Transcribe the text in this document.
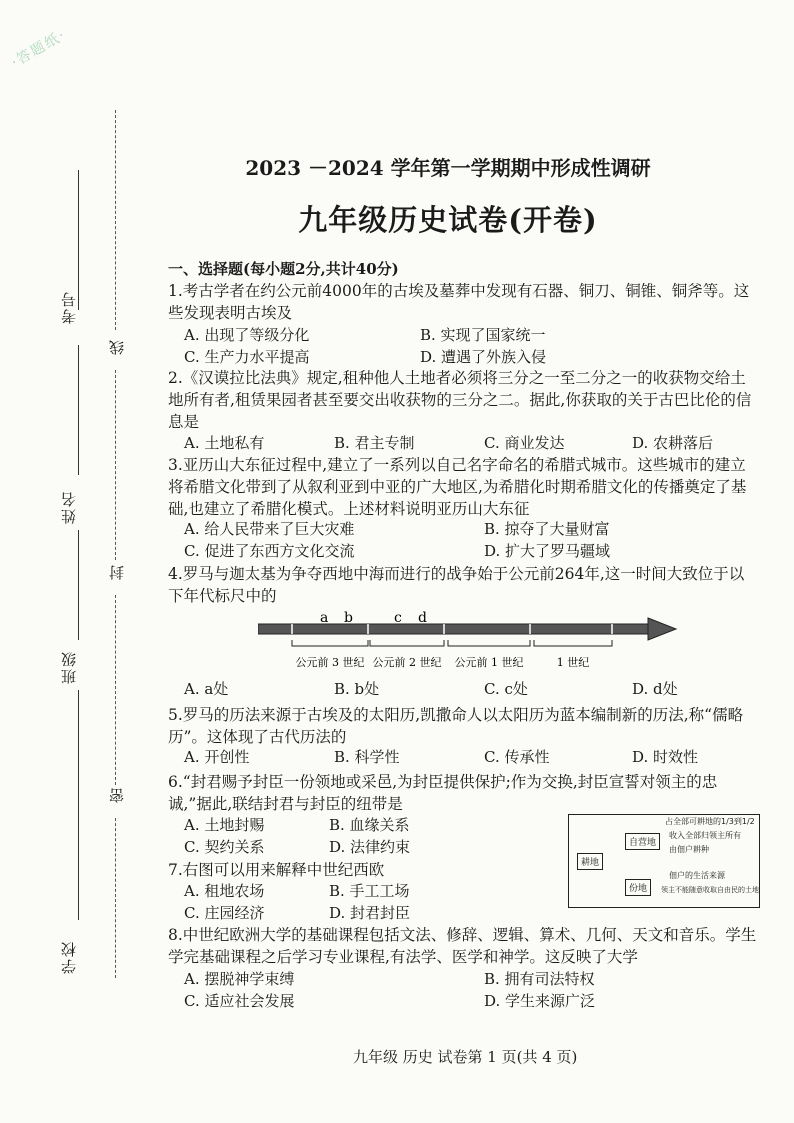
·答题纸·
考号
姓名
班级
学校
线
封
密
2023 －2024 学年第一学期期中形成性调研
九年级历史试卷(开卷)
一、选择题(每小题2分,共计40分)
1.考古学者在约公元前4000年的古埃及墓葬中发现有石器、铜刀、铜锥、铜斧等。这些发现表明古埃及
A. 出现了等级分化	B. 实现了国家统一
C. 生产力水平提高	D. 遭遇了外族入侵
2.《汉谟拉比法典》规定,租种他人土地者必须将三分之一至二分之一的收获物交给土地所有者,租赁果园者甚至要交出收获物的三分之二。据此,你获取的关于古巴比伦的信息是
A. 土地私有	B. 君主专制	C. 商业发达	D. 农耕落后
3.亚历山大东征过程中,建立了一系列以自己名字命名的希腊式城市。这些城市的建立将希腊文化带到了从叙利亚到中亚的广大地区,为希腊化时期希腊文化的传播奠定了基础,也建立了希腊化模式。上述材料说明亚历山大东征
A. 给人民带来了巨大灾难	B. 掠夺了大量财富
C. 促进了东西方文化交流	D. 扩大了罗马疆域
4.罗马与迦太基为争夺西地中海而进行的战争始于公元前264年,这一时间大致位于以下年代标尺中的
a b	c d
公元前 3 世纪 公元前 2 世纪 公元前 1 世纪	1 世纪
A. a处	B. b处	C. c处	D. d处
5.罗马的历法来源于古埃及的太阳历,凯撒命人以太阳历为蓝本编制新的历法,称“儒略历”。这体现了古代历法的
A. 开创性	B. 科学性	C. 传承性	D. 时效性
6.“封君赐予封臣一份领地或采邑,为封臣提供保护;作为交换,封臣宣誓对领主的忠诚,”据此,联结封君与封臣的纽带是
A. 土地封赐	B. 血缘关系
C. 契约关系	D. 法律约束
耕地
自营地
份地
占全部可耕地的1/3到1/2
收入全部归领主所有
由佃户耕种
佃户的生活来源
领主不能随意收取自由民的土地
7.右图可以用来解释中世纪西欧
A. 租地农场	B. 手工工场
C. 庄园经济	D. 封君封臣
8.中世纪欧洲大学的基础课程包括文法、修辞、逻辑、算术、几何、天文和音乐。学生学完基础课程之后学习专业课程,有法学、医学和神学。这反映了大学
A. 摆脱神学束缚	B. 拥有司法特权
C. 适应社会发展	D. 学生来源广泛
九年级 历史 试卷第 1 页(共 4 页)
